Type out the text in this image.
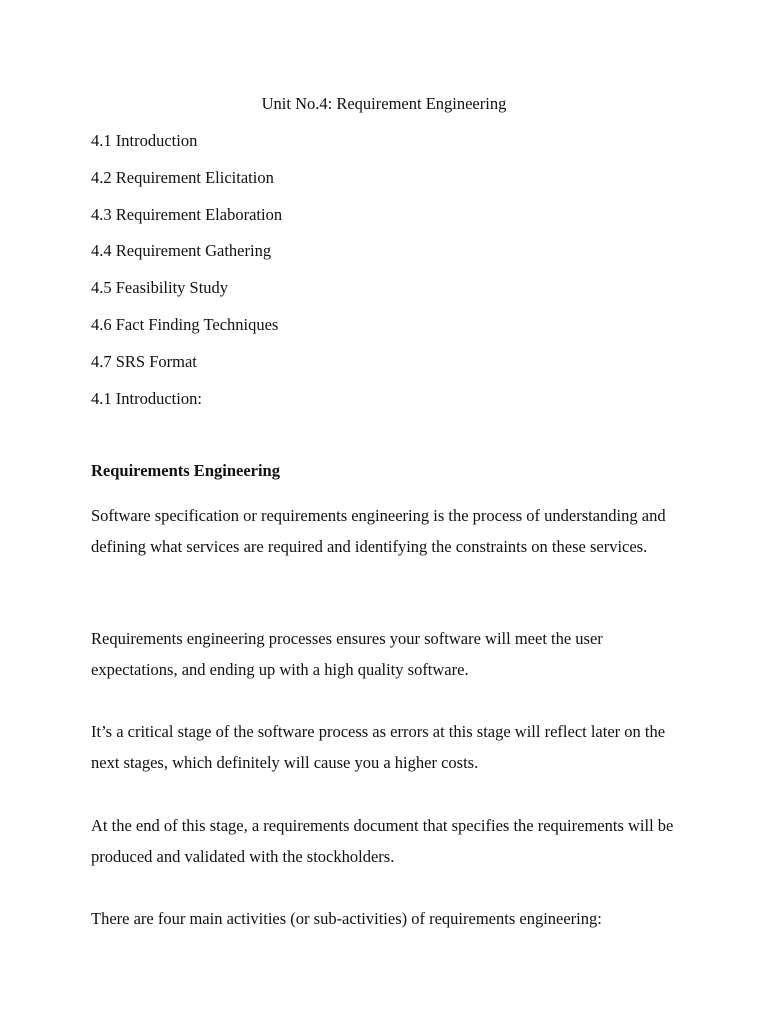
Unit No.4: Requirement Engineering
4.1 Introduction
4.2 Requirement Elicitation
4.3 Requirement Elaboration
4.4 Requirement Gathering
4.5 Feasibility Study
4.6 Fact Finding Techniques
4.7 SRS Format
4.1 Introduction:
Requirements Engineering
Software specification or requirements engineering is the process of understanding and defining what services are required and identifying the constraints on these services.
Requirements engineering processes ensures your software will meet the user expectations, and ending up with a high quality software.
It’s a critical stage of the software process as errors at this stage will reflect later on the next stages, which definitely will cause you a higher costs.
At the end of this stage, a requirements document that specifies the requirements will be produced and validated with the stockholders.
There are four main activities (or sub-activities) of requirements engineering:
